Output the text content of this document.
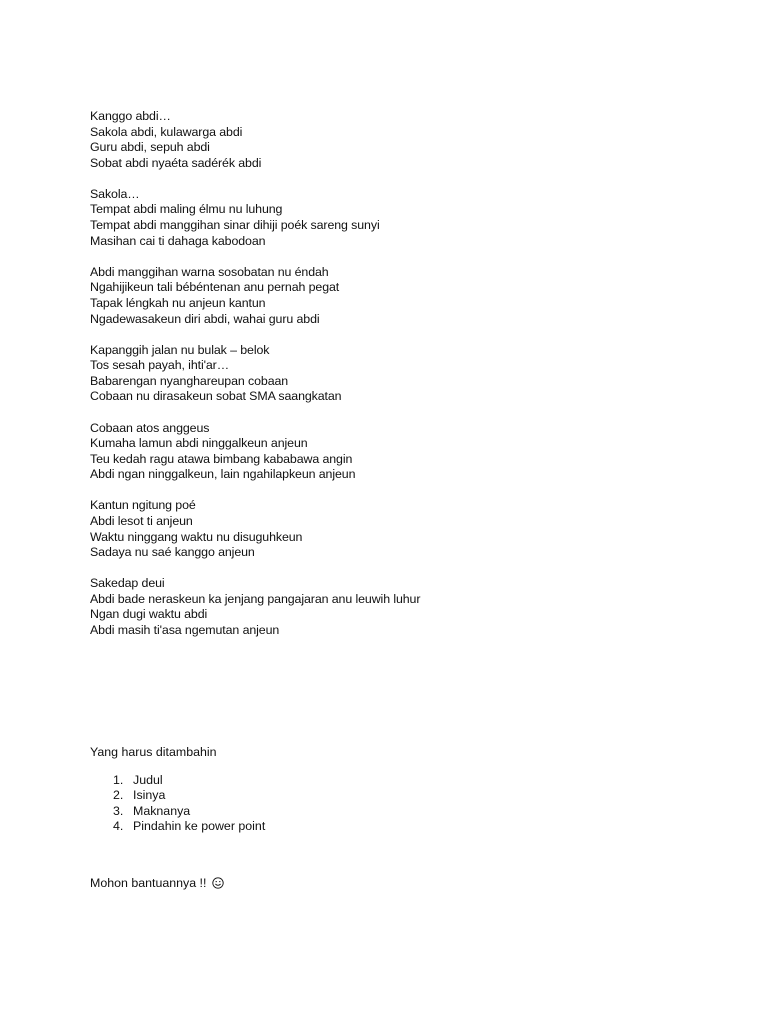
Kanggo abdi…
Sakola abdi, kulawarga abdi
Guru abdi, sepuh abdi
Sobat abdi nyaéta sadérék abdi
Sakola…
Tempat abdi maling élmu nu luhung
Tempat abdi manggihan sinar dihiji poék sareng sunyi
Masihan cai ti dahaga kabodoan
Abdi manggihan warna sosobatan nu éndah
Ngahijikeun tali bébéntenan anu pernah pegat
Tapak léngkah nu anjeun kantun
Ngadewasakeun diri abdi, wahai guru abdi
Kapanggih jalan nu bulak – belok
Tos sesah payah, ihti'ar…
Babarengan nyanghareupan cobaan
Cobaan nu dirasakeun sobat SMA saangkatan
Cobaan atos anggeus
Kumaha lamun abdi ninggalkeun anjeun
Teu kedah ragu atawa bimbang kababawa angin
Abdi ngan ninggalkeun, lain ngahilapkeun anjeun
Kantun ngitung poé
Abdi lesot ti anjeun
Waktu ninggang waktu nu disuguhkeun
Sadaya nu saé kanggo anjeun
Sakedap deui
Abdi bade neraskeun ka jenjang pangajaran anu leuwih luhur
Ngan dugi waktu abdi
Abdi masih ti'asa ngemutan anjeun
Yang harus ditambahin
1. Judul
2. Isinya
3. Maknanya
4. Pindahin ke power point
Mohon bantuannya !!
